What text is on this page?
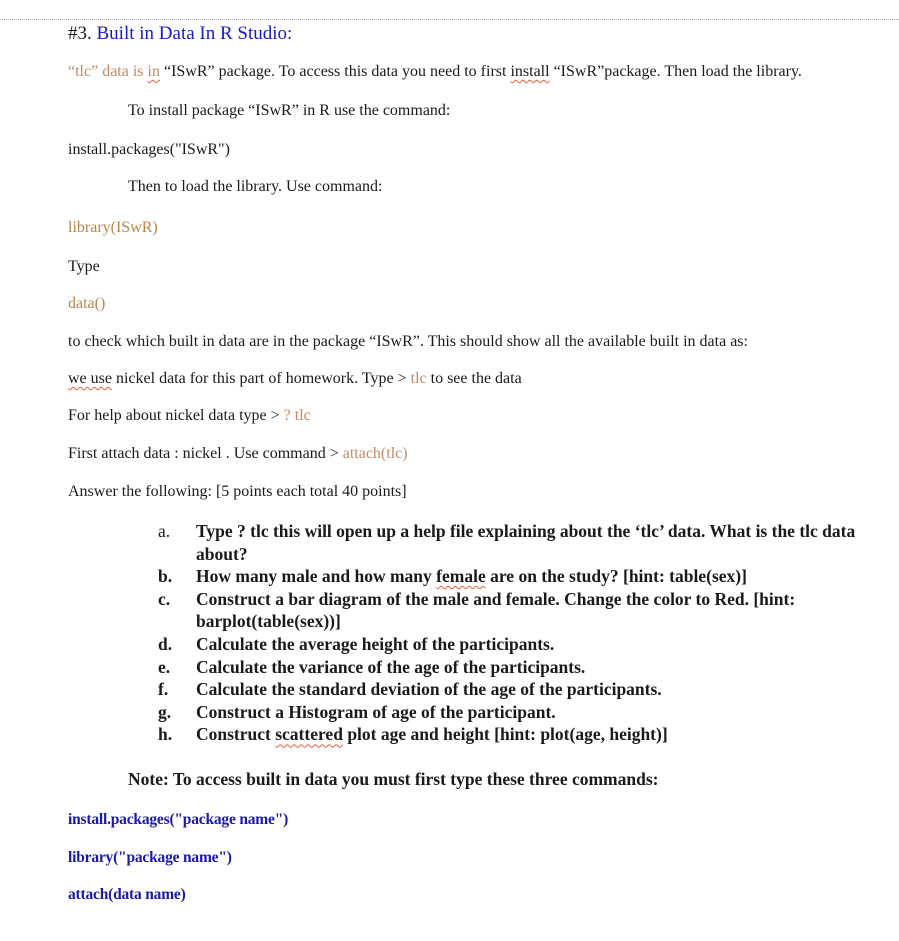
#3. Built in Data In R Studio:
“tlc” data is in “ISwR” package. To access this data you need to first install “ISwR”package. Then load the library.
To install package “ISwR” in R use the command:
install.packages("ISwR")
Then to load the library. Use command:
library(ISwR)
Type
data()
to check which built in data are in the package “ISwR”. This should show all the available built in data as:
we use nickel data for this part of homework. Type > tlc to see the data
For help about nickel data type > ? tlc
First attach data : nickel . Use command > attach(tlc)
Answer the following: [5 points each total 40 points]
a.	Type ? tlc this will open up a help file explaining about the ‘tlc’ data. What is the tlc data about?
b.	How many male and how many female are on the study? [hint: table(sex)]
c.	Construct a bar diagram of the male and female. Change the color to Red. [hint: barplot(table(sex))]
d.	Calculate the average height of the participants.
e.	Calculate the variance of the age of the participants.
f.	Calculate the standard deviation of the age of the participants.
g.	Construct a Histogram of age of the participant.
h.	Construct scattered plot age and height [hint: plot(age, height)]
Note: To access built in data you must first type these three commands:
install.packages("package name")
library("package name")
attach(data name)
